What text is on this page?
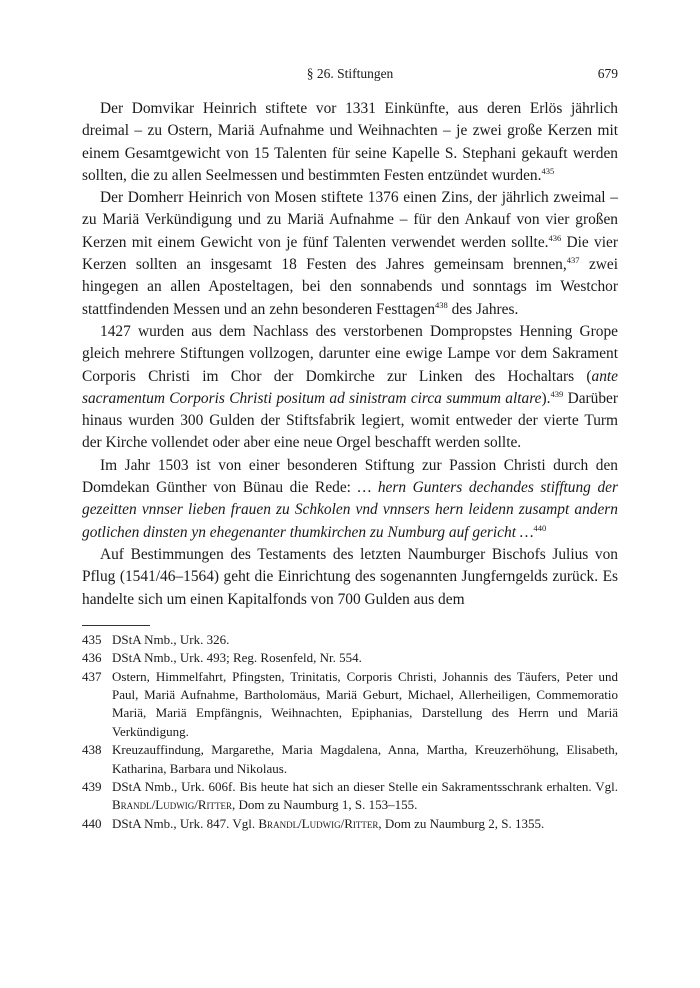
§ 26. Stiftungen	679

Der Domvikar Heinrich stiftete vor 1331 Einkünfte, aus deren Erlös jährlich dreimal – zu Ostern, Mariä Aufnahme und Weihnachten – je zwei große Kerzen mit einem Gesamtgewicht von 15 Talenten für seine Kapelle S. Stephani gekauft werden sollten, die zu allen Seelmessen und bestimmten Festen entzündet wurden.$^{435}$

Der Domherr Heinrich von Mosen stiftete 1376 einen Zins, der jährlich zweimal – zu Mariä Verkündigung und zu Mariä Aufnahme – für den Ankauf von vier großen Kerzen mit einem Gewicht von je fünf Talenten verwendet werden sollte.$^{436}$ Die vier Kerzen sollten an insgesamt 18 Festen des Jahres gemeinsam brennen,$^{437}$ zwei hingegen an allen Aposteltagen, bei den sonnabends und sonntags im Westchor stattfindenden Messen und an zehn besonderen Festtagen$^{438}$ des Jahres.

1427 wurden aus dem Nachlass des verstorbenen Dompropstes Henning Grope gleich mehrere Stiftungen vollzogen, darunter eine ewige Lampe vor dem Sakrament Corporis Christi im Chor der Domkirche zur Linken des Hochaltars (ante sacramentum Corporis Christi positum ad sinistram circa summum altare).$^{439}$ Darüber hinaus wurden 300 Gulden der Stiftsfabrik legiert, womit entweder der vierte Turm der Kirche vollendet oder aber eine neue Orgel beschafft werden sollte.

Im Jahr 1503 ist von einer besonderen Stiftung zur Passion Christi durch den Domdekan Günther von Bünau die Rede: … hern Gunters dechandes stifftung der gezeitten vnnser lieben frauen zu Schkolen vnd vnnsers hern leidenn zusampt andern gotlichen dinsten yn ehegenanter thumkirchen zu Numburg auf gericht …$^{440}$

Auf Bestimmungen des Testaments des letzten Naumburger Bischofs Julius von Pflug (1541/46–1564) geht die Einrichtung des sogenannten Jungferngelds zurück. Es handelte sich um einen Kapitalfonds von 700 Gulden aus dem

435 DStA Nmb., Urk. 326.
436 DStA Nmb., Urk. 493; Reg. Rosenfeld, Nr. 554.
437 Ostern, Himmelfahrt, Pfingsten, Trinitatis, Corporis Christi, Johannis des Täufers, Peter und Paul, Mariä Aufnahme, Bartholomäus, Mariä Geburt, Michael, Allerheiligen, Commemoratio Mariä, Mariä Empfängnis, Weihnachten, Epiphanias, Darstellung des Herrn und Mariä Verkündigung.
438 Kreuzauffindung, Margarethe, Maria Magdalena, Anna, Martha, Kreuzerhöhung, Elisabeth, Katharina, Barbara und Nikolaus.
439 DStA Nmb., Urk. 606f. Bis heute hat sich an dieser Stelle ein Sakramentsschrank erhalten. Vgl. Brandl/Ludwig/Ritter, Dom zu Naumburg 1, S. 153–155.
440 DStA Nmb., Urk. 847. Vgl. Brandl/Ludwig/Ritter, Dom zu Naumburg 2, S. 1355.
